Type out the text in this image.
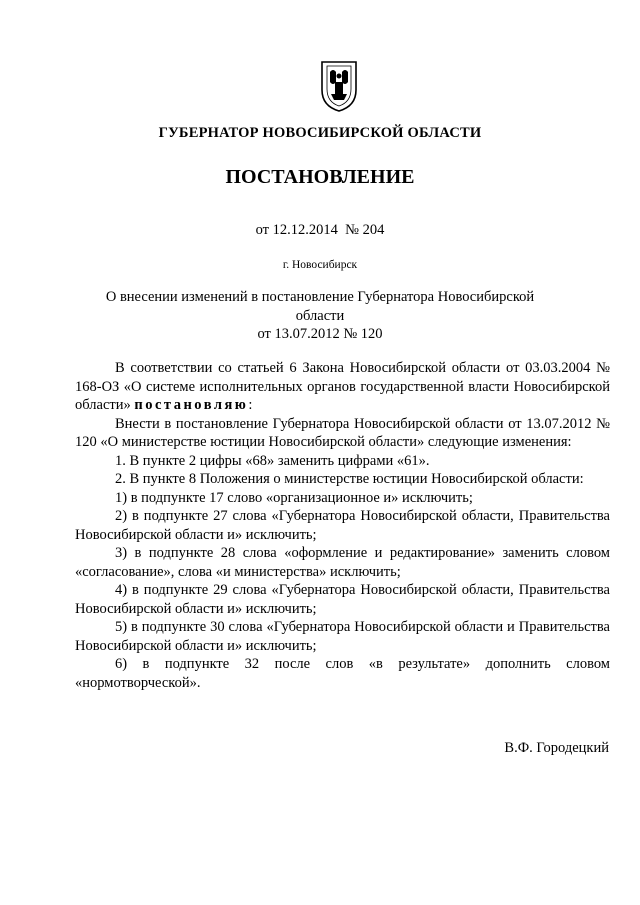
ГУБЕРНАТОР НОВОСИБИРСКОЙ ОБЛАСТИ
ПОСТАНОВЛЕНИЕ
от 12.12.2014  № 204
г. Новосибирск
О внесении изменений в постановление Губернатора Новосибирской области
от 13.07.2012 № 120

В соответствии со статьей 6 Закона Новосибирской области от 03.03.2004 № 168-ОЗ «О системе исполнительных органов государственной власти Новосибирской области» постановляю:

Внести в постановление Губернатора Новосибирской области от 13.07.2012 № 120 «О министерстве юстиции Новосибирской области» следующие изменения:

1. В пункте 2 цифры «68» заменить цифрами «61».

2. В пункте 8 Положения о министерстве юстиции Новосибирской области:

1) в подпункте 17 слово «организационное и» исключить;

2) в подпункте 27 слова «Губернатора Новосибирской области, Правительства Новосибирской области и» исключить;

3) в подпункте 28 слова «оформление и редактирование» заменить словом «согласование», слова «и министерства» исключить;

4) в подпункте 29 слова «Губернатора Новосибирской области, Правительства Новосибирской области и» исключить;

5) в подпункте 30 слова «Губернатора Новосибирской области и Правительства Новосибирской области и» исключить;

6) в подпункте 32 после слов «в результате» дополнить словом «нормотворческой».

В.Ф. Городецкий
